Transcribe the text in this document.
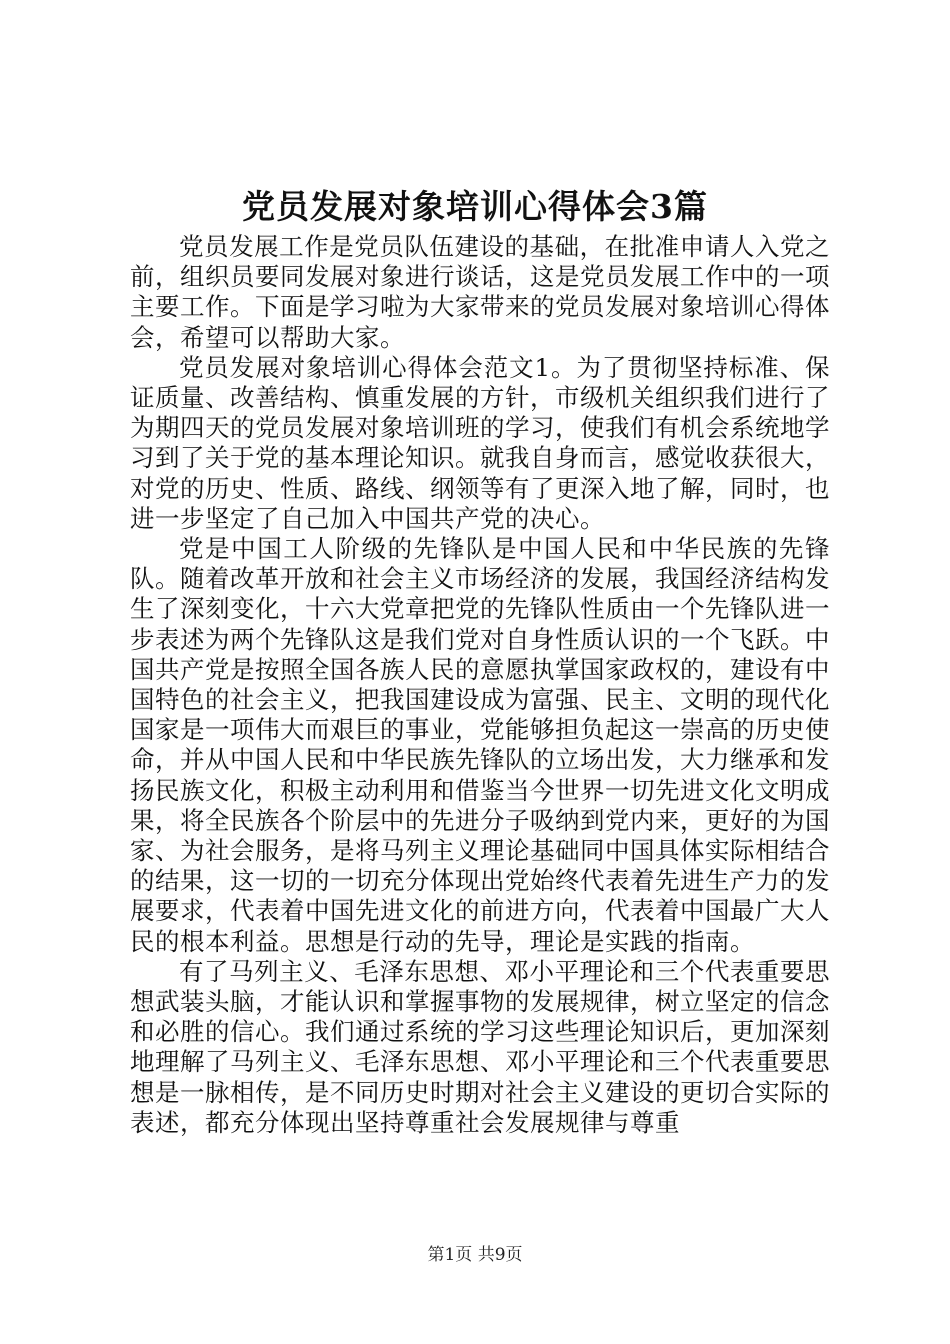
党员发展对象培训心得体会3篇

党员发展工作是党员队伍建设的基础，在批准申请人入党之前，组织员要同发展对象进行谈话，这是党员发展工作中的一项主要工作。下面是学习啦为大家带来的党员发展对象培训心得体会，希望可以帮助大家。

党员发展对象培训心得体会范文1。为了贯彻坚持标准、保证质量、改善结构、慎重发展的方针，市级机关组织我们进行了为期四天的党员发展对象培训班的学习，使我们有机会系统地学习到了关于党的基本理论知识。就我自身而言，感觉收获很大，对党的历史、性质、路线、纲领等有了更深入地了解，同时，也进一步坚定了自己加入中国共产党的决心。

党是中国工人阶级的先锋队是中国人民和中华民族的先锋队。随着改革开放和社会主义市场经济的发展，我国经济结构发生了深刻变化，十六大党章把党的先锋队性质由一个先锋队进一步表述为两个先锋队这是我们党对自身性质认识的一个飞跃。中国共产党是按照全国各族人民的意愿执掌国家政权的，建设有中国特色的社会主义，把我国建设成为富强、民主、文明的现代化国家是一项伟大而艰巨的事业，党能够担负起这一崇高的历史使命，并从中国人民和中华民族先锋队的立场出发，大力继承和发扬民族文化，积极主动利用和借鉴当今世界一切先进文化文明成果，将全民族各个阶层中的先进分子吸纳到党内来，更好的为国家、为社会服务，是将马列主义理论基础同中国具体实际相结合的结果，这一切的一切充分体现出党始终代表着先进生产力的发展要求，代表着中国先进文化的前进方向，代表着中国最广大人民的根本利益。思想是行动的先导，理论是实践的指南。

有了马列主义、毛泽东思想、邓小平理论和三个代表重要思想武装头脑，才能认识和掌握事物的发展规律，树立坚定的信念和必胜的信心。我们通过系统的学习这些理论知识后，更加深刻地理解了马列主义、毛泽东思想、邓小平理论和三个代表重要思想是一脉相传，是不同历史时期对社会主义建设的更切合实际的表述，都充分体现出坚持尊重社会发展规律与尊重

第1页 共9页
